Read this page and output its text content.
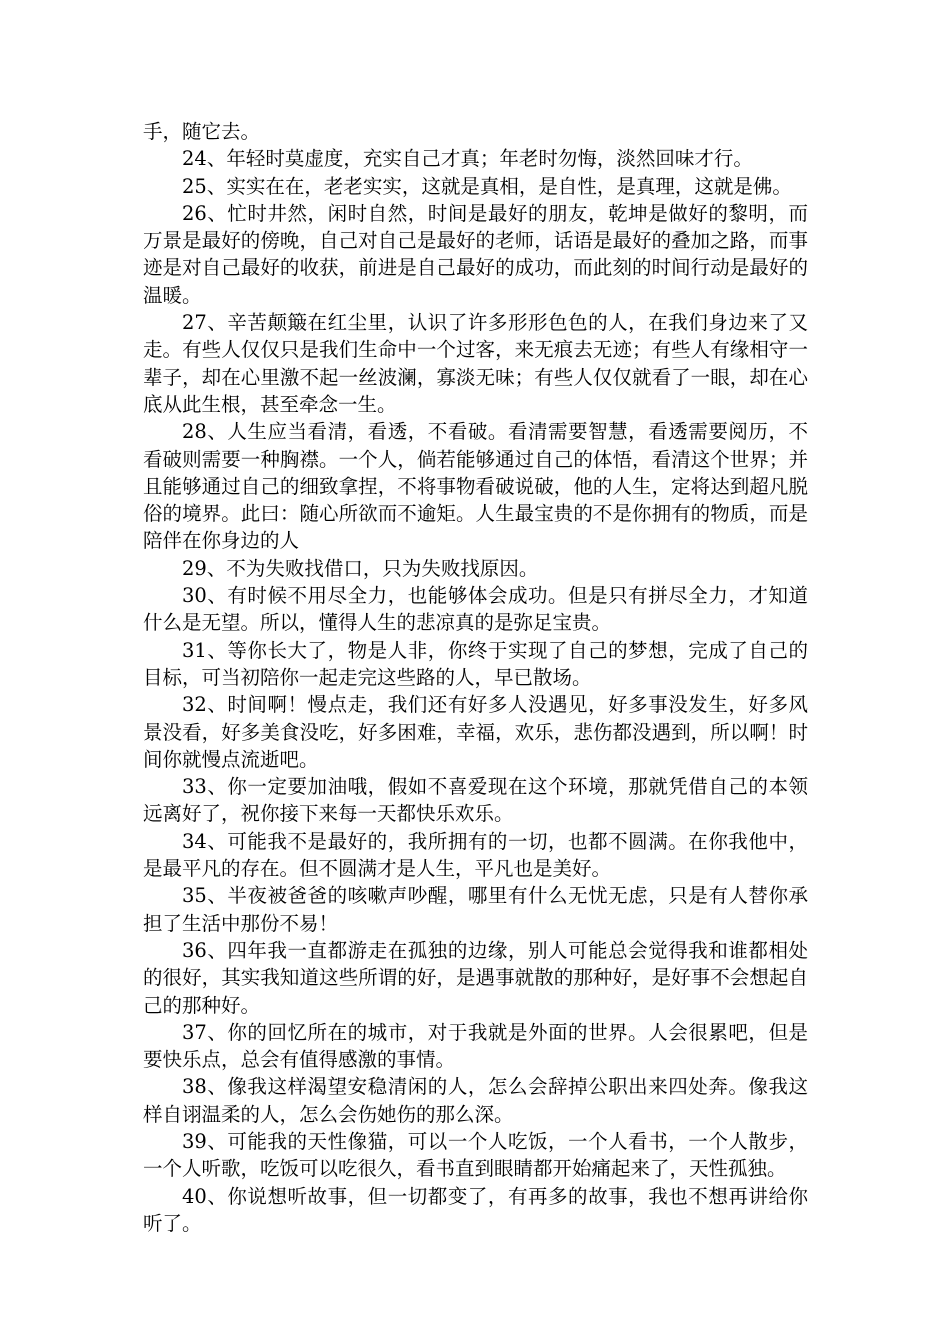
手，随它去。

24、年轻时莫虚度，充实自己才真；年老时勿悔，淡然回味才行。

25、实实在在，老老实实，这就是真相，是自性，是真理，这就是佛。

26、忙时井然，闲时自然，时间是最好的朋友，乾坤是做好的黎明，而万景是最好的傍晚，自己对自己是最好的老师，话语是最好的叠加之路，而事迹是对自己最好的收获，前进是自己最好的成功，而此刻的时间行动是最好的温暖。

27、辛苦颠簸在红尘里，认识了许多形形色色的人，在我们身边来了又走。有些人仅仅只是我们生命中一个过客，来无痕去无迹；有些人有缘相守一辈子，却在心里激不起一丝波澜，寡淡无味；有些人仅仅就看了一眼，却在心底从此生根，甚至牵念一生。

28、人生应当看清，看透，不看破。看清需要智慧，看透需要阅历，不看破则需要一种胸襟。一个人，倘若能够通过自己的体悟，看清这个世界；并且能够通过自己的细致拿捏，不将事物看破说破，他的人生，定将达到超凡脱俗的境界。此曰：随心所欲而不逾矩。人生最宝贵的不是你拥有的物质，而是陪伴在你身边的人

29、不为失败找借口，只为失败找原因。

30、有时候不用尽全力，也能够体会成功。但是只有拼尽全力，才知道什么是无望。所以，懂得人生的悲凉真的是弥足宝贵。

31、等你长大了，物是人非，你终于实现了自己的梦想，完成了自己的目标，可当初陪你一起走完这些路的人，早已散场。

32、时间啊！慢点走，我们还有好多人没遇见，好多事没发生，好多风景没看，好多美食没吃，好多困难，幸福，欢乐，悲伤都没遇到，所以啊！时间你就慢点流逝吧。

33、你一定要加油哦，假如不喜爱现在这个环境，那就凭借自己的本领远离好了，祝你接下来每一天都快乐欢乐。

34、可能我不是最好的，我所拥有的一切，也都不圆满。在你我他中，是最平凡的存在。但不圆满才是人生，平凡也是美好。

35、半夜被爸爸的咳嗽声吵醒，哪里有什么无忧无虑，只是有人替你承担了生活中那份不易！

36、四年我一直都游走在孤独的边缘，别人可能总会觉得我和谁都相处的很好，其实我知道这些所谓的好，是遇事就散的那种好，是好事不会想起自己的那种好。

37、你的回忆所在的城市，对于我就是外面的世界。人会很累吧，但是要快乐点，总会有值得感激的事情。

38、像我这样渴望安稳清闲的人，怎么会辞掉公职出来四处奔。像我这样自诩温柔的人，怎么会伤她伤的那么深。

39、可能我的天性像猫，可以一个人吃饭，一个人看书，一个人散步，一个人听歌，吃饭可以吃很久，看书直到眼睛都开始痛起来了，天性孤独。

40、你说想听故事，但一切都变了，有再多的故事，我也不想再讲给你听了。
